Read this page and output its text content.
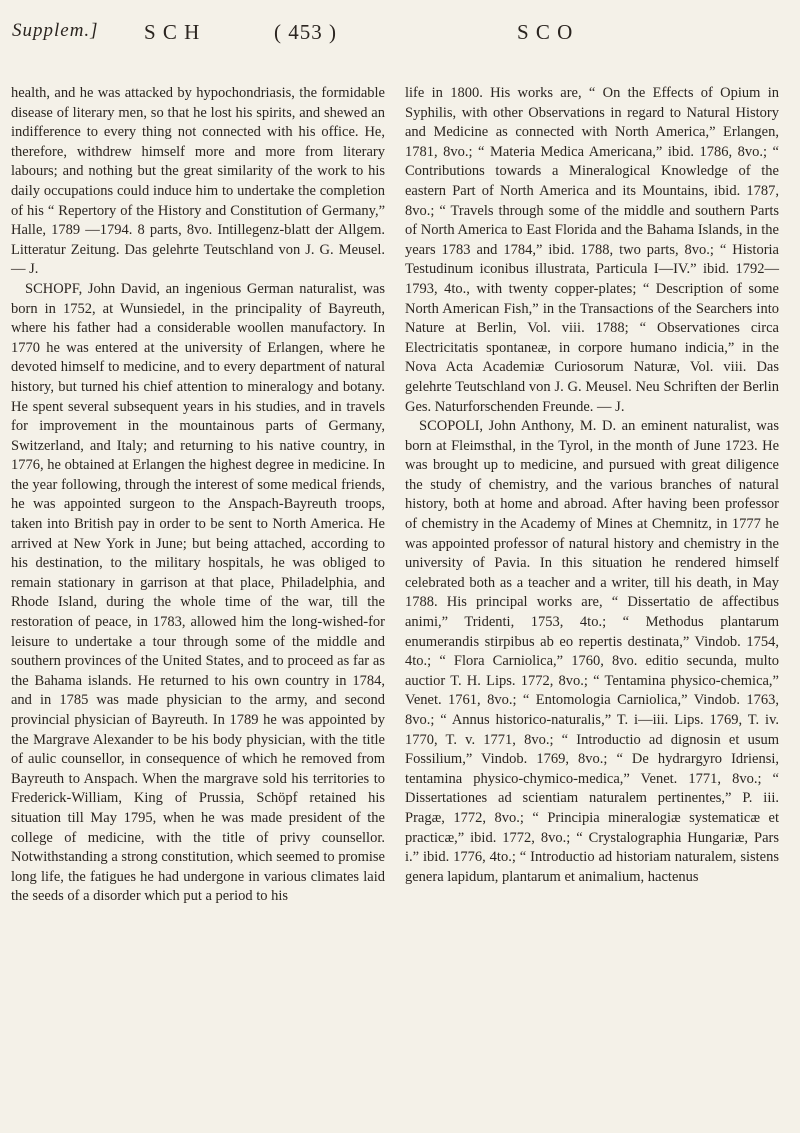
Supplem.] S C H	( 453 )	S C O

health, and he was attacked by hypochondriasis, the formidable disease of literary men, so that he lost his spirits, and shewed an indifference to every thing not connected with his office. He, therefore, withdrew himself more and more from literary labours; and nothing but the great similarity of the work to his daily occupations could induce him to undertake the completion of his “ Repertory of the History and Constitution of Germany,” Halle, 1789 —1794. 8 parts, 8vo. Intillegenz-blatt der Allgem. Litteratur Zeitung. Das gelehrte Teutschland von J. G. Meusel. — J.

SCHOPF, John David, an ingenious German naturalist, was born in 1752, at Wunsiedel, in the principality of Bayreuth, where his father had a considerable woollen manufactory. In 1770 he was entered at the university of Erlangen, where he devoted himself to medicine, and to every department of natural history, but turned his chief attention to mineralogy and botany. He spent several subsequent years in his studies, and in travels for improvement in the mountainous parts of Germany, Switzerland, and Italy; and returning to his native country, in 1776, he obtained at Erlangen the highest degree in medicine. In the year following, through the interest of some medical friends, he was appointed surgeon to the Anspach-Bayreuth troops, taken into British pay in order to be sent to North America. He arrived at New York in June; but being attached, according to his destination, to the military hospitals, he was obliged to remain stationary in garrison at that place, Philadelphia, and Rhode Island, during the whole time of the war, till the restoration of peace, in 1783, allowed him the long-wished-for leisure to undertake a tour through some of the middle and southern provinces of the United States, and to proceed as far as the Bahama islands. He returned to his own country in 1784, and in 1785 was made physician to the army, and second provincial physician of Bayreuth. In 1789 he was appointed by the Margrave Alexander to be his body physician, with the title of aulic counsellor, in consequence of which he removed from Bayreuth to Anspach. When the margrave sold his territories to Frederick-William, King of Prussia, Schöpf retained his situation till May 1795, when he was made president of the college of medicine, with the title of privy counsellor. Notwithstanding a strong constitution, which seemed to promise long life, the fatigues he had undergone in various climates laid the seeds of a disorder which put a period to his

life in 1800. His works are, “ On the Effects of Opium in Syphilis, with other Observations in regard to Natural History and Medicine as connected with North America,” Erlangen, 1781, 8vo.; “ Materia Medica Americana,” ibid. 1786, 8vo.; “ Contributions towards a Mineralogical Knowledge of the eastern Part of North America and its Mountains, ibid. 1787, 8vo.; “ Travels through some of the middle and southern Parts of North America to East Florida and the Bahama Islands, in the years 1783 and 1784,” ibid. 1788, two parts, 8vo.; “ Historia Testudinum iconibus illustrata, Particula I—IV.” ibid. 1792—1793, 4to., with twenty copper-plates; “ Description of some North American Fish,” in the Transactions of the Searchers into Nature at Berlin, Vol. viii. 1788; “ Observationes circa Electricitatis spontaneæ, in corpore humano indicia,” in the Nova Acta Academiæ Curiosorum Naturæ, Vol. viii. Das gelehrte Teutschland von J. G. Meusel. Neu Schriften der Berlin Ges. Naturforschenden Freunde. — J.

SCOPOLI, John Anthony, M. D. an eminent naturalist, was born at Fleimsthal, in the Tyrol, in the month of June 1723. He was brought up to medicine, and pursued with great diligence the study of chemistry, and the various branches of natural history, both at home and abroad. After having been professor of chemistry in the Academy of Mines at Chemnitz, in 1777 he was appointed professor of natural history and chemistry in the university of Pavia. In this situation he rendered himself celebrated both as a teacher and a writer, till his death, in May 1788. His principal works are, “ Dissertatio de affectibus animi,” Tridenti, 1753, 4to.; “ Methodus plantarum enumerandis stirpibus ab eo repertis destinata,” Vindob. 1754, 4to.; “ Flora Carniolica,” 1760, 8vo. editio secunda, multo auctior T. H. Lips. 1772, 8vo.; “ Tentamina physico-chemica,” Venet. 1761, 8vo.; “ Entomologia Carniolica,” Vindob. 1763, 8vo.; “ Annus historico-naturalis,” T. i—iii. Lips. 1769, T. iv. 1770, T. v. 1771, 8vo.; “ Introductio ad dignosin et usum Fossilium,” Vindob. 1769, 8vo.; “ De hydrargyro Idriensi, tentamina physico-chymico-medica,” Venet. 1771, 8vo.; “ Dissertationes ad scientiam naturalem pertinentes,” P. iii. Pragæ, 1772, 8vo.; “ Principia mineralogiæ systematicæ et practicæ,” ibid. 1772, 8vo.; “ Crystalographia Hungariæ, Pars i.” ibid. 1776, 4to.; “ Introductio ad historiam naturalem, sistens genera lapidum, plantarum et animalium, hactenus
